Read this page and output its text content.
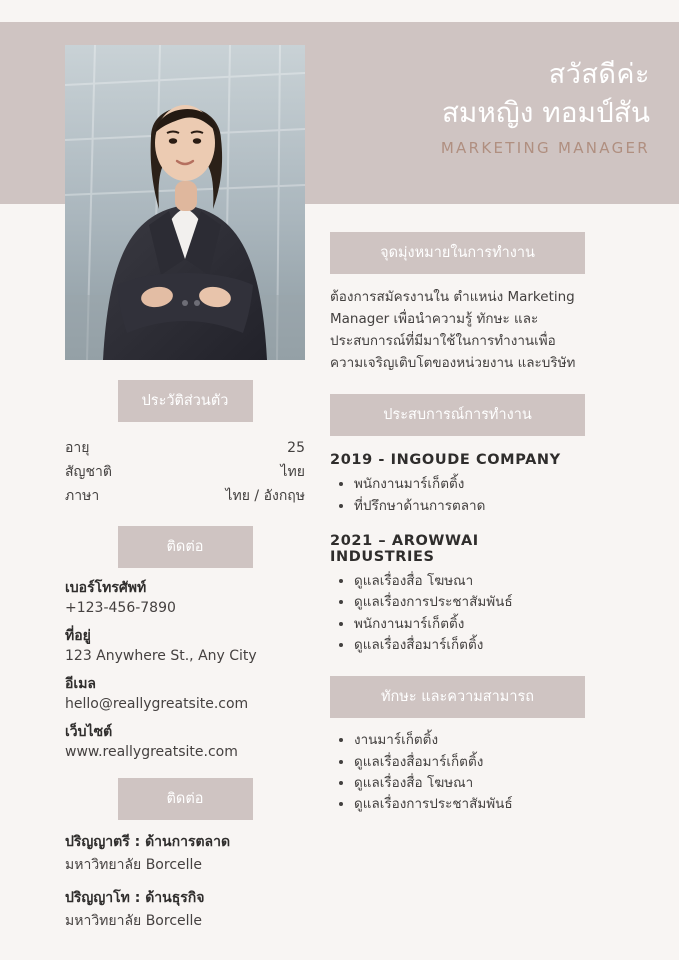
สวัสดีค่ะ
สมหญิง ทอมป์สัน
MARKETING MANAGER
ประวัติส่วนตัว
อายุ	25
สัญชาติ	ไทย
ภาษา	ไทย / อังกฤษ
ติดต่อ
เบอร์โทรศัพท์
+123-456-7890
ที่อยู่
123 Anywhere St., Any City
อีเมล
hello@reallygreatsite.com
เว็บไซต์
www.reallygreatsite.com
ติดต่อ
ปริญญาตรี : ด้านการตลาด
มหาวิทยาลัย Borcelle
ปริญญาโท : ด้านธุรกิจ
มหาวิทยาลัย Borcelle
จุดมุ่งหมายในการทำงาน
ต้องการสมัครงานใน ตำแหน่ง Marketing Manager เพื่อนำความรู้ ทักษะ และประสบการณ์ที่มีมาใช้ในการทำงานเพื่อความเจริญเติบโตของหน่วยงาน และบริษัท
ประสบการณ์การทำงาน
2019 - INGOUDE COMPANY
• พนักงานมาร์เก็ตติ้ง
• ที่ปรึกษาด้านการตลาด
2021 – AROWWAI INDUSTRIES
• ดูแลเรื่องสื่อ โฆษณา
• ดูแลเรื่องการประชาสัมพันธ์
• พนักงานมาร์เก็ตติ้ง
• ดูแลเรื่องสื่อมาร์เก็ตติ้ง
ทักษะ และความสามารถ
• งานมาร์เก็ตติ้ง
• ดูแลเรื่องสื่อมาร์เก็ตติ้ง
• ดูแลเรื่องสื่อ โฆษณา
• ดูแลเรื่องการประชาสัมพันธ์
